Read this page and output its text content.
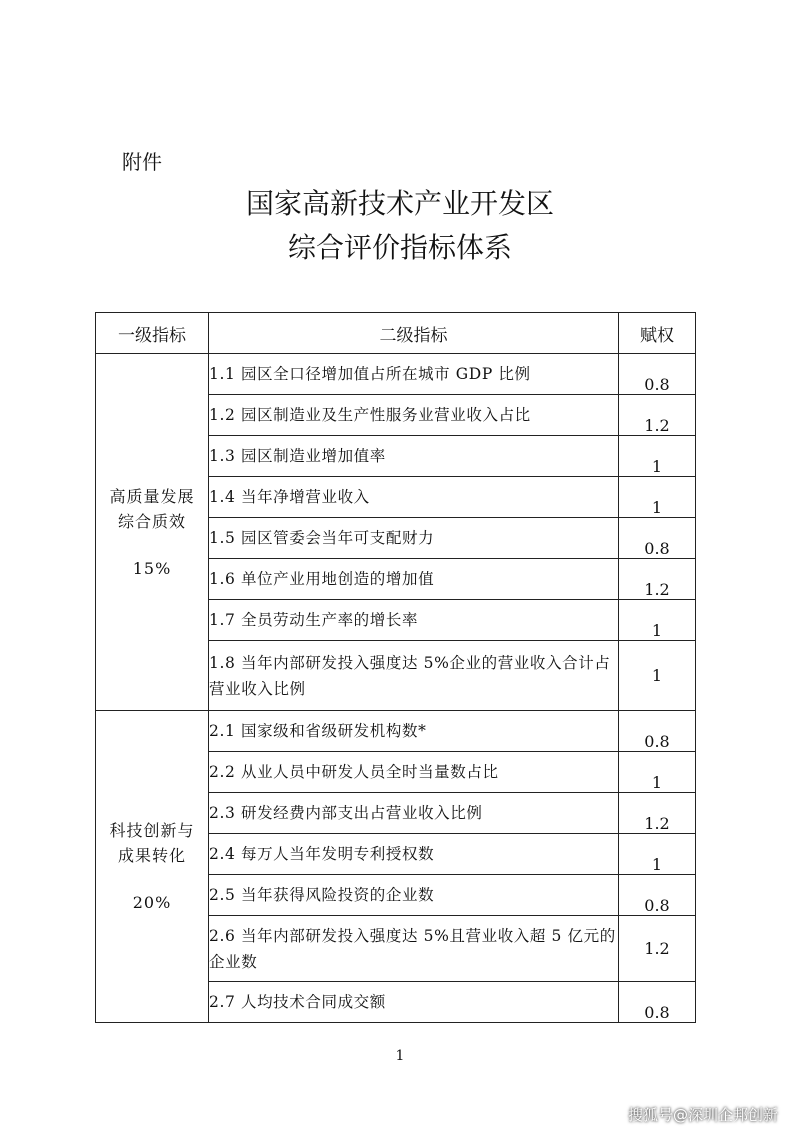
附件
国家高新技术产业开发区
综合评价指标体系
一级指标	二级指标	赋权
高质量发展
综合质效
15%	1.1 园区全口径增加值占所在城市 GDP 比例	0.8
	1.2 园区制造业及生产性服务业营业收入占比	1.2
	1.3 园区制造业增加值率	1
	1.4 当年净增营业收入	1
	1.5 园区管委会当年可支配财力	0.8
	1.6 单位产业用地创造的增加值	1.2
	1.7 全员劳动生产率的增长率	1
	1.8 当年内部研发投入强度达 5%企业的营业收入合计占营业收入比例	1
科技创新与
成果转化
20%	2.1 国家级和省级研发机构数*	0.8
	2.2 从业人员中研发人员全时当量数占比	1
	2.3 研发经费内部支出占营业收入比例	1.2
	2.4 每万人当年发明专利授权数	1
	2.5 当年获得风险投资的企业数	0.8
	2.6 当年内部研发投入强度达 5%且营业收入超 5 亿元的企业数	1.2
	2.7 人均技术合同成交额	0.8
1
搜狐号@深圳企邦创新
